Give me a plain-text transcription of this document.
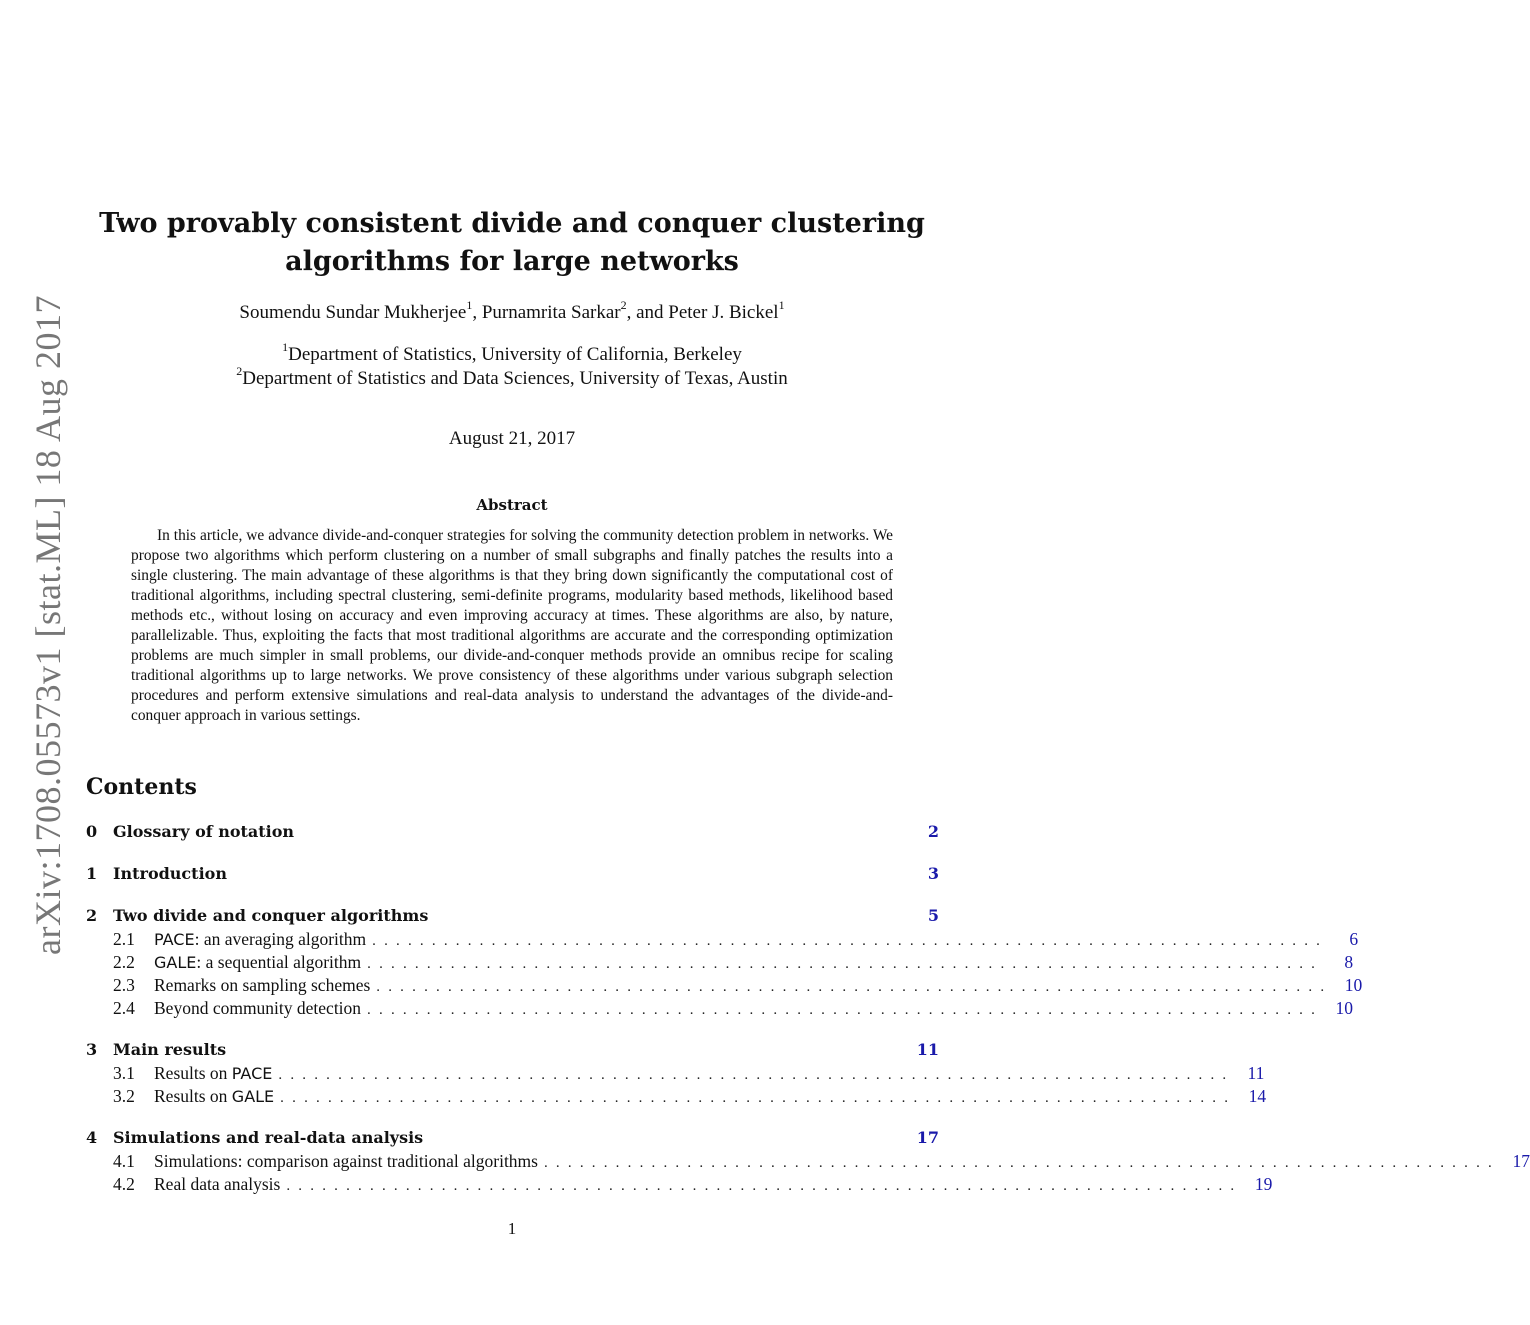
arXiv:1708.05573v1 [stat.ML] 18 Aug 2017
Two provably consistent divide and conquer clustering
algorithms for large networks
Soumendu Sundar Mukherjee$^1$, Purnamrita Sarkar$^2$, and Peter J. Bickel$^1$
$^1$Department of Statistics, University of California, Berkeley
$^2$Department of Statistics and Data Sciences, University of Texas, Austin
August 21, 2017
Abstract

In this article, we advance divide-and-conquer strategies for solving the community detection problem in networks. We propose two algorithms which perform clustering on a number of small subgraphs and finally patches the results into a single clustering. The main advantage of these algorithms is that they bring down significantly the computational cost of traditional algorithms, including spectral clustering, semi-definite programs, modularity based methods, likelihood based methods etc., without losing on accuracy and even improving accuracy at times. These algorithms are also, by nature, parallelizable. Thus, exploiting the facts that most traditional algorithms are accurate and the corresponding optimization problems are much simpler in small problems, our divide-and-conquer methods provide an omnibus recipe for scaling traditional algorithms up to large networks. We prove consistency of these algorithms under various subgraph selection procedures and perform extensive simulations and real-data analysis to understand the advantages of the divide-and-conquer approach in various settings.

Contents
0 Glossary of notation	2
1 Introduction	3
2 Two divide and conquer algorithms	5
2.1	PACE: an averaging algorithm ................................................................................	6
2.2	GALE: a sequential algorithm ................................................................................	8
2.3	Remarks on sampling schemes ................................................................................ 10
2.4	Beyond community detection ................................................................................ 10
3 Main results	11
3.1	Results on PACE ................................................................................ 11
3.2	Results on GALE ................................................................................ 14
4 Simulations and real-data analysis	17
4.1	Simulations: comparison against traditional algorithms ................................................................................ 17
4.2	Real data analysis ................................................................................ 19
1
